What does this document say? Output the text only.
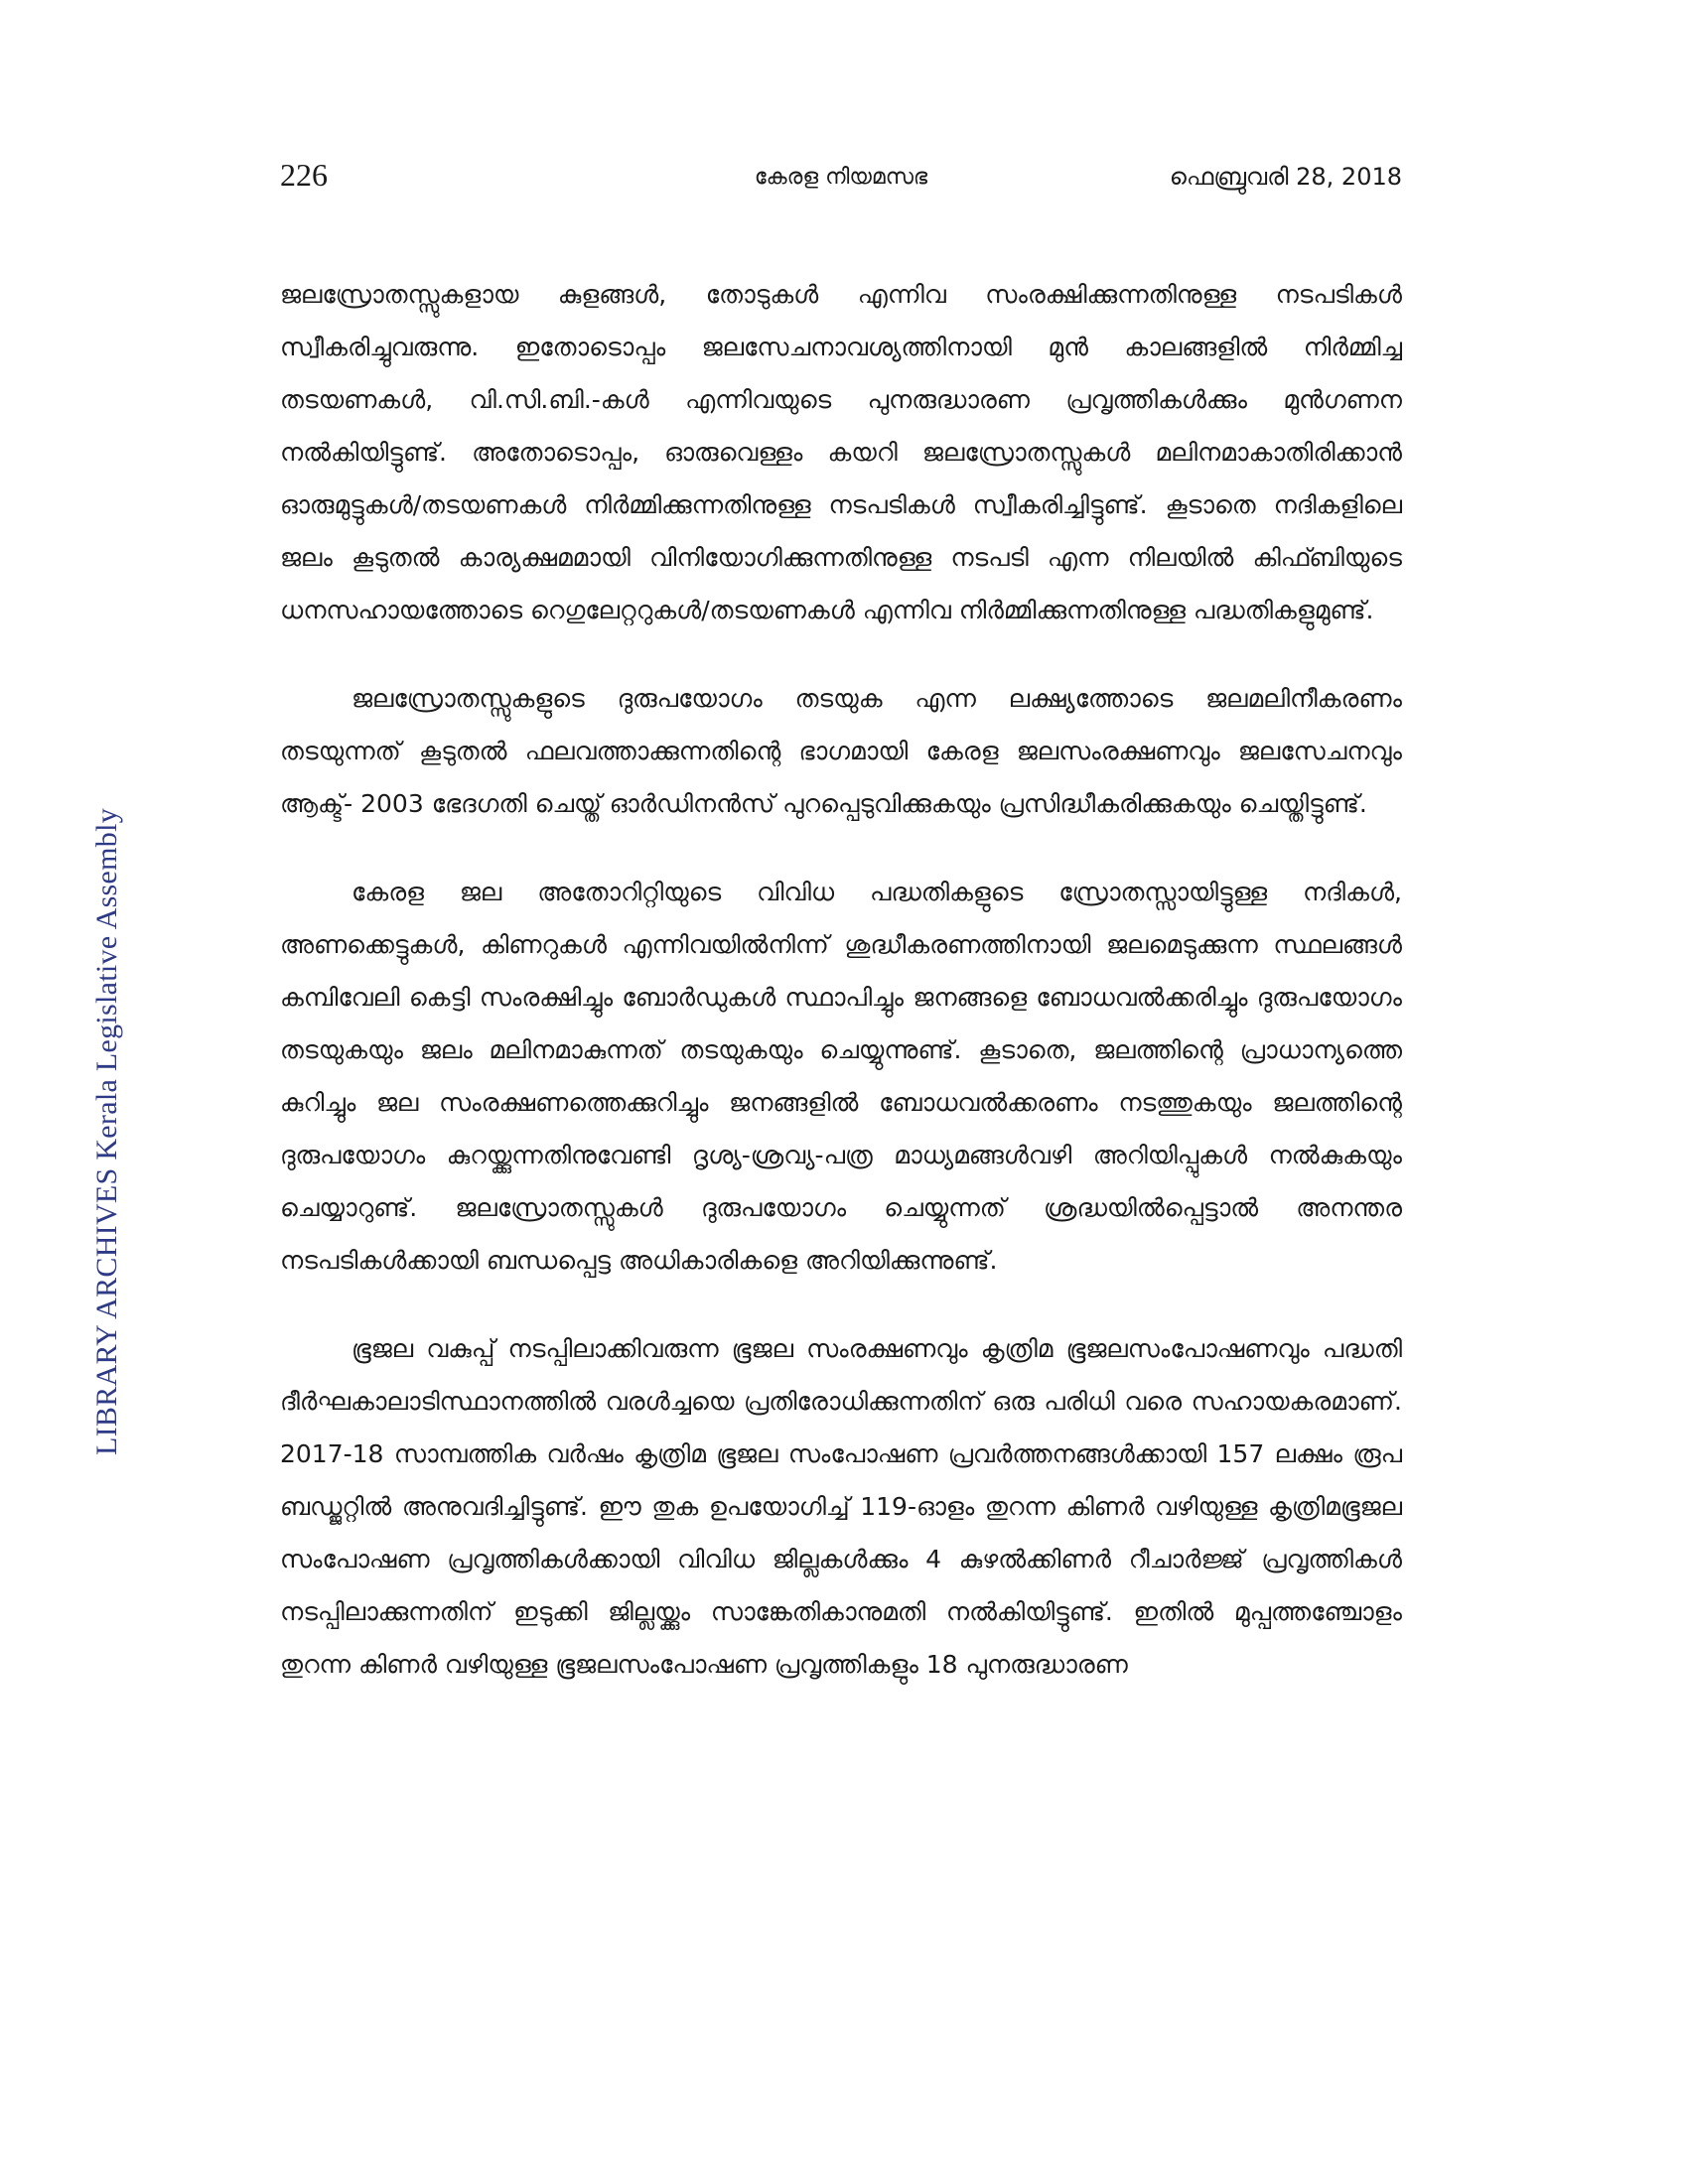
226	കേരള നിയമസഭ	ഫെബ്രുവരി 28, 2018
LIBRARY ARCHIVES Kerala Legislative Assembly

ജലസ്രോതസ്സുകളായ കുളങ്ങൾ, തോടുകൾ എന്നിവ സംരക്ഷിക്കുന്നതിനുള്ള നടപടികൾ സ്വീകരിച്ചുവരുന്നു. ഇതോടൊപ്പം ജലസേചനാവശ്യത്തിനായി മുൻ കാലങ്ങളിൽ നിർമ്മിച്ച തടയണകൾ, വി.സി.ബി.-കൾ എന്നിവയുടെ പുനരുദ്ധാരണ പ്രവൃത്തികൾക്കും മുൻഗണന നൽകിയിട്ടുണ്ട്. അതോടൊപ്പം, ഓരുവെള്ളം കയറി ജലസ്രോതസ്സുകൾ മലിനമാകാതിരിക്കാൻ ഓരുമുട്ടുകൾ/തടയണകൾ നിർമ്മിക്കുന്നതിനുള്ള നടപടികൾ സ്വീകരിച്ചിട്ടുണ്ട്. കൂടാതെ നദികളിലെ ജലം കൂടുതൽ കാര്യക്ഷമമായി വിനിയോഗിക്കുന്നതിനുള്ള നടപടി എന്ന നിലയിൽ കിഫ്ബിയുടെ ധനസഹായത്തോടെ റെഗുലേറ്ററുകൾ/തടയണകൾ എന്നിവ നിർമ്മിക്കുന്നതിനുള്ള പദ്ധതികളുമുണ്ട്.

ജലസ്രോതസ്സുകളുടെ ദുരുപയോഗം തടയുക എന്ന ലക്ഷ്യത്തോടെ ജലമലിനീകരണം തടയുന്നത് കൂടുതൽ ഫലവത്താക്കുന്നതിന്റെ ഭാഗമായി കേരള ജലസംരക്ഷണവും ജലസേചനവും ആക്ട്- 2003 ഭേദഗതി ചെയ്ത് ഓർഡിനൻസ് പുറപ്പെടുവിക്കുകയും പ്രസിദ്ധീകരിക്കുകയും ചെയ്തിട്ടുണ്ട്.

കേരള ജല അതോറിറ്റിയുടെ വിവിധ പദ്ധതികളുടെ സ്രോതസ്സായിട്ടുള്ള നദികൾ, അണക്കെട്ടുകൾ, കിണറുകൾ എന്നിവയിൽനിന്ന് ശുദ്ധീകരണത്തിനായി ജലമെടുക്കുന്ന സ്ഥലങ്ങൾ കമ്പിവേലി കെട്ടി സംരക്ഷിച്ചും ബോർഡുകൾ സ്ഥാപിച്ചും ജനങ്ങളെ ബോധവൽക്കരിച്ചും ദുരുപയോഗം തടയുകയും ജലം മലിനമാകുന്നത് തടയുകയും ചെയ്യുന്നുണ്ട്. കൂടാതെ, ജലത്തിന്റെ പ്രാധാന്യത്തെ കുറിച്ചും ജല സംരക്ഷണത്തെക്കുറിച്ചും ജനങ്ങളിൽ ബോധവൽക്കരണം നടത്തുകയും ജലത്തിന്റെ ദുരുപയോഗം കുറയ്ക്കുന്നതിനുവേണ്ടി ദൃശ്യ-ശ്രവ്യ-പത്ര മാധ്യമങ്ങൾവഴി അറിയിപ്പുകൾ നൽകുകയും ചെയ്യാറുണ്ട്. ജലസ്രോതസ്സുകൾ ദുരുപയോഗം ചെയ്യുന്നത് ശ്രദ്ധയിൽപ്പെട്ടാൽ അനന്തര നടപടികൾക്കായി ബന്ധപ്പെട്ട അധികാരികളെ അറിയിക്കുന്നുണ്ട്.

ഭൂജല വകുപ്പ് നടപ്പിലാക്കിവരുന്ന ഭൂജല സംരക്ഷണവും കൃത്രിമ ഭൂജലസംപോഷണവും പദ്ധതി ദീർഘകാലാടിസ്ഥാനത്തിൽ വരൾച്ചയെ പ്രതിരോധിക്കുന്നതിന് ഒരു പരിധി വരെ സഹായകരമാണ്. 2017-18 സാമ്പത്തിക വർഷം കൃത്രിമ ഭൂജല സംപോഷണ പ്രവർത്തനങ്ങൾക്കായി 157 ലക്ഷം രൂപ ബഡ്ജറ്റിൽ അനുവദിച്ചിട്ടുണ്ട്. ഈ തുക ഉപയോഗിച്ച് 119-ഓളം തുറന്ന കിണർ വഴിയുള്ള കൃത്രിമഭൂജല സംപോഷണ പ്രവൃത്തികൾക്കായി വിവിധ ജില്ലകൾക്കും 4 കുഴൽക്കിണർ റീചാർജ്ജ് പ്രവൃത്തികൾ നടപ്പിലാക്കുന്നതിന് ഇടുക്കി ജില്ലയ്ക്കും സാങ്കേതികാനുമതി നൽകിയിട്ടുണ്ട്. ഇതിൽ മുപ്പത്തഞ്ചോളം തുറന്ന കിണർ വഴിയുള്ള ഭൂജലസംപോഷണ പ്രവൃത്തികളും 18 പുനരുദ്ധാരണ
